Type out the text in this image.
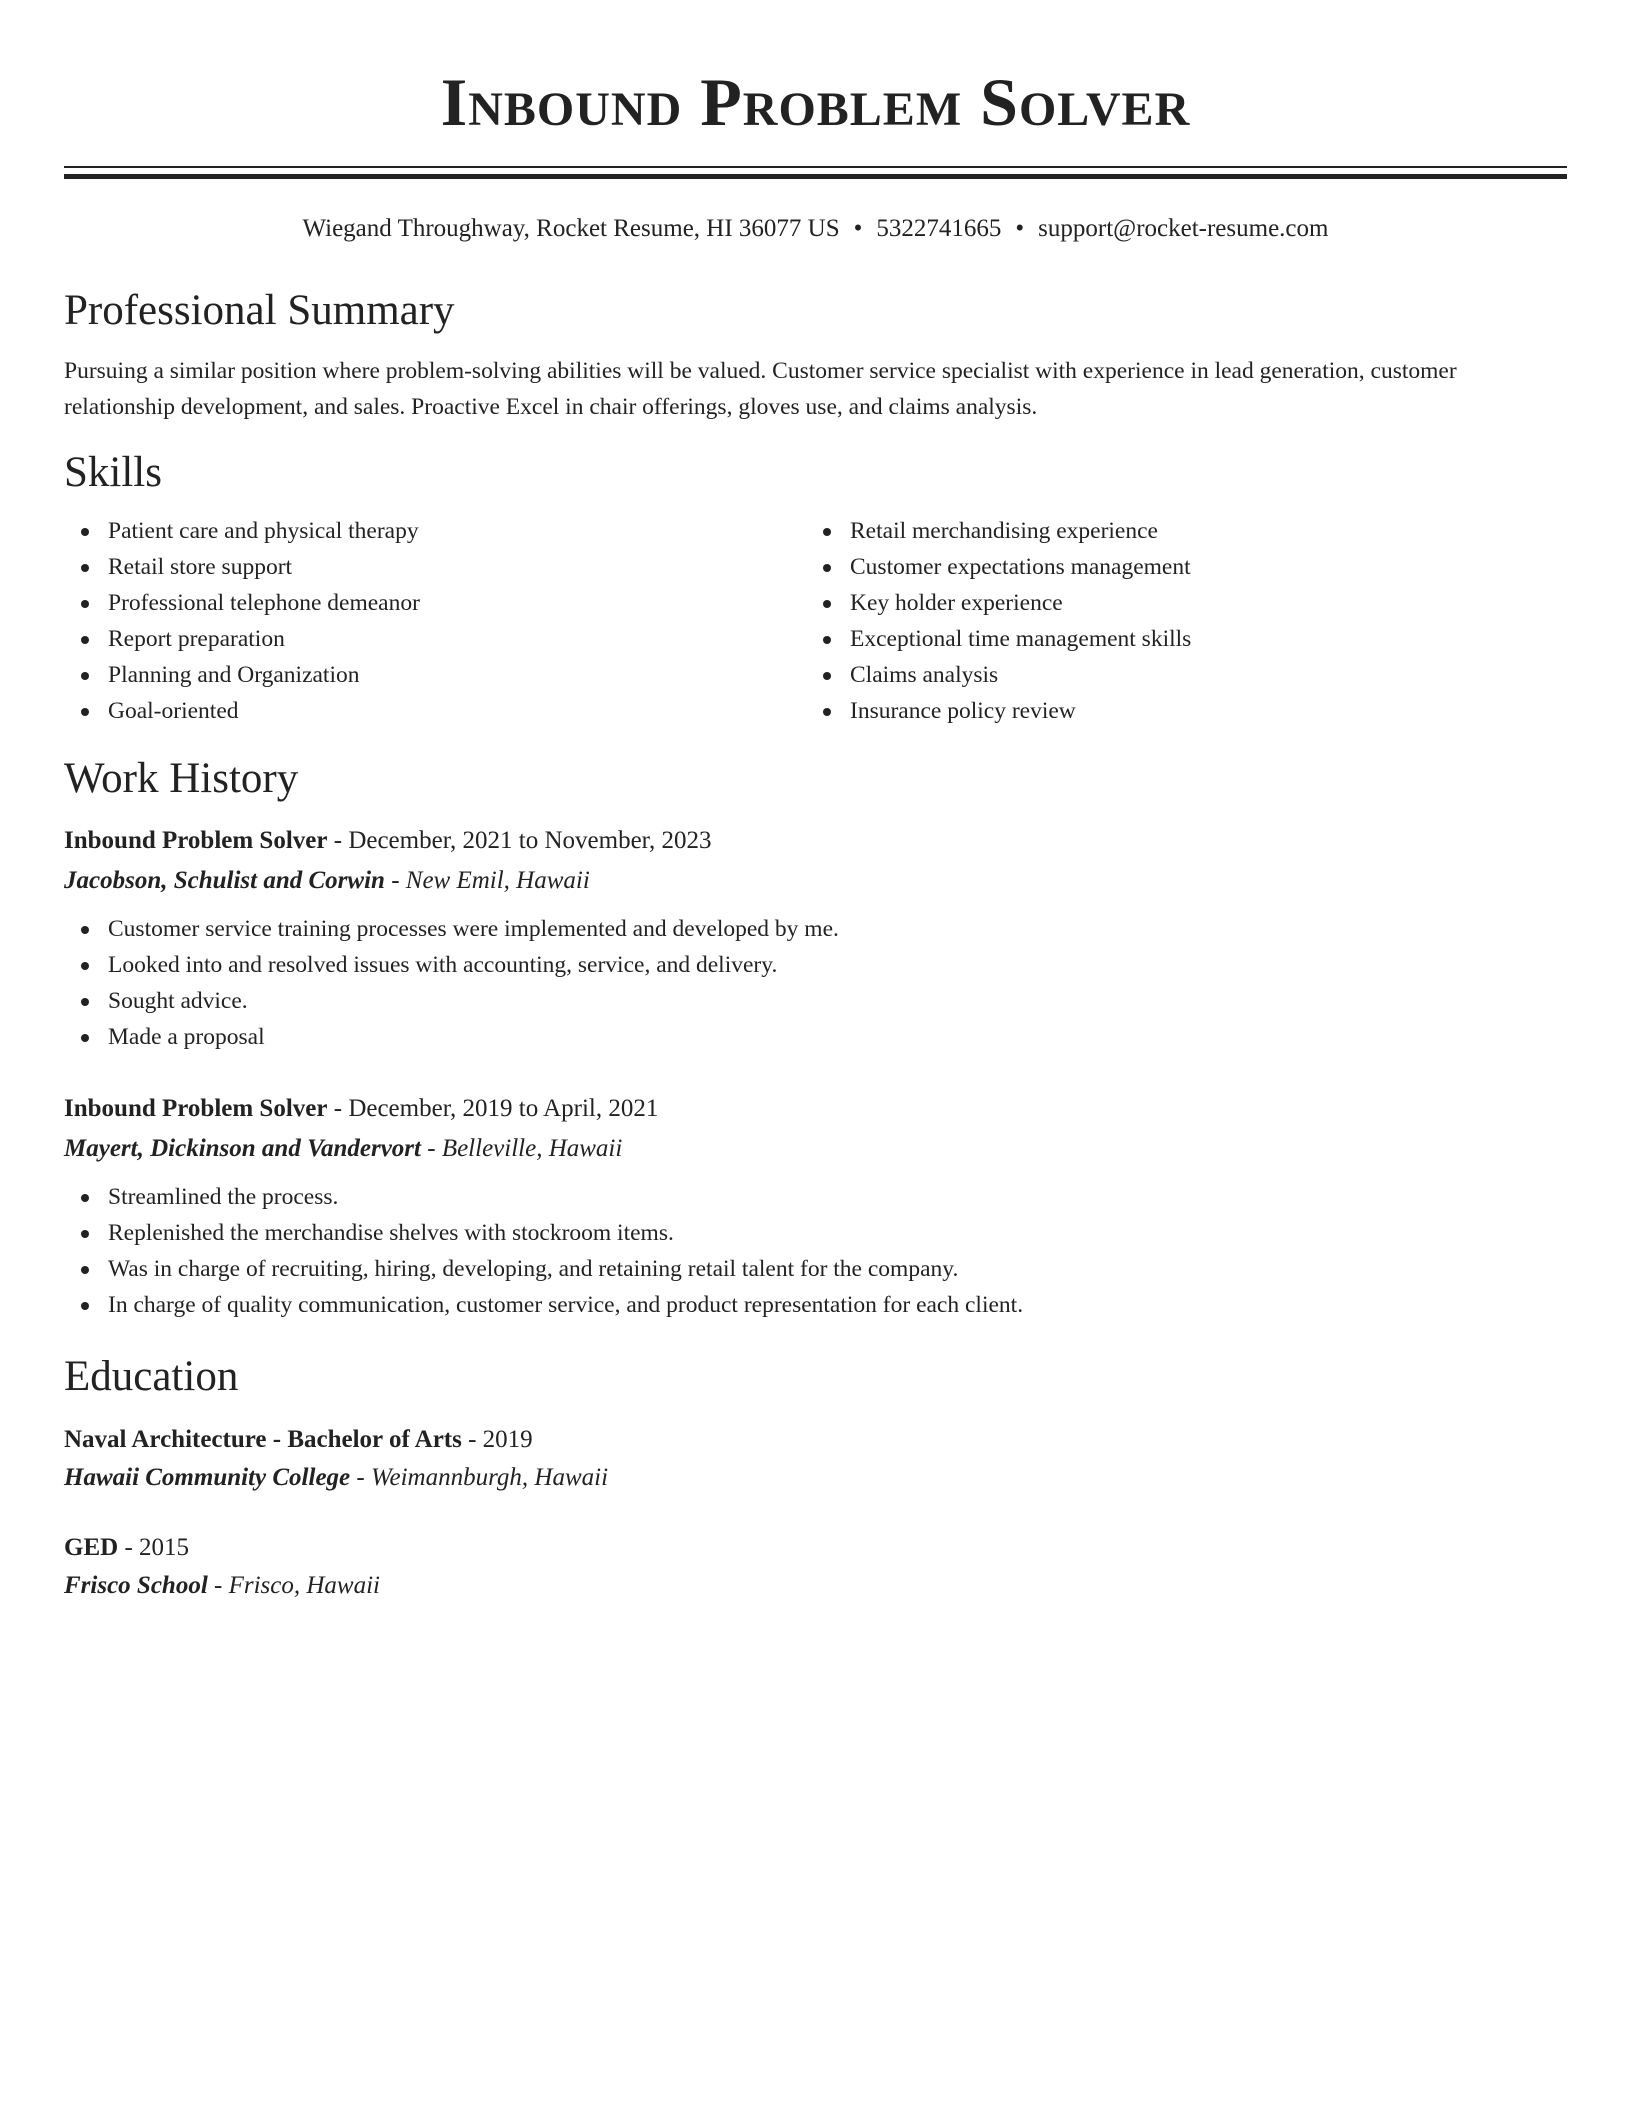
Inbound Problem Solver
Wiegand Throughway, Rocket Resume, HI 36077 US • 5322741665 • support@rocket-resume.com
Professional Summary

Pursuing a similar position where problem-solving abilities will be valued. Customer service specialist with experience in lead generation, customer relationship development, and sales. Proactive Excel in chair offerings, gloves use, and claims analysis.

Skills
Patient care and physical therapy
Retail store support
Professional telephone demeanor
Report preparation
Planning and Organization
Goal-oriented
Retail merchandising experience
Customer expectations management
Key holder experience
Exceptional time management skills
Claims analysis
Insurance policy review
Work History
Inbound Problem Solver - December, 2021 to November, 2023
Jacobson, Schulist and Corwin - New Emil, Hawaii
Customer service training processes were implemented and developed by me.
Looked into and resolved issues with accounting, service, and delivery.
Sought advice.
Made a proposal
Inbound Problem Solver - December, 2019 to April, 2021
Mayert, Dickinson and Vandervort - Belleville, Hawaii
Streamlined the process.
Replenished the merchandise shelves with stockroom items.
Was in charge of recruiting, hiring, developing, and retaining retail talent for the company.
In charge of quality communication, customer service, and product representation for each client.
Education
Naval Architecture - Bachelor of Arts - 2019
Hawaii Community College - Weimannburgh, Hawaii
GED - 2015
Frisco School - Frisco, Hawaii
